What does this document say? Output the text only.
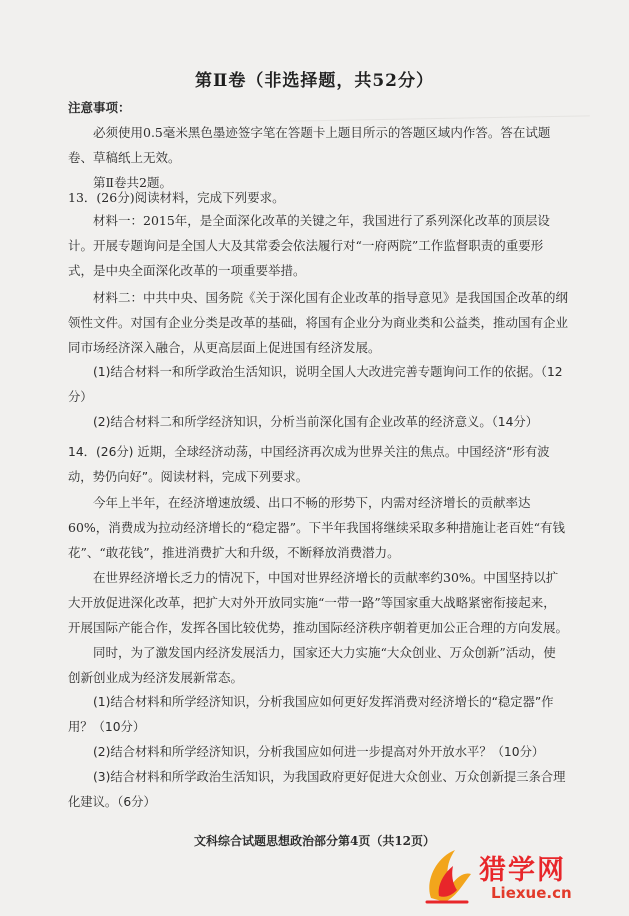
第Ⅱ卷（非选择题，共52分）
注意事项：
必须使用0.5毫米黑色墨迹签字笔在答题卡上题目所示的答题区域内作答。答在试题卷、草稿纸上无效。
第Ⅱ卷共2题。
13．(26分)阅读材料，完成下列要求。
材料一：2015年，是全面深化改革的关键之年，我国进行了系列深化改革的顶层设计。开展专题询问是全国人大及其常委会依法履行对“一府两院”工作监督职责的重要形式，是中央全面深化改革的一项重要举措。
材料二：中共中央、国务院《关于深化国有企业改革的指导意见》是我国国企改革的纲领性文件。对国有企业分类是改革的基础，将国有企业分为商业类和公益类，推动国有企业同市场经济深入融合，从更高层面上促进国有经济发展。
(1)结合材料一和所学政治生活知识，说明全国人大改进完善专题询问工作的依据。（12分）
(2)结合材料二和所学经济知识，分析当前深化国有企业改革的经济意义。（14分）
14．(26分) 近期，全球经济动荡，中国经济再次成为世界关注的焦点。中国经济“形有波动，势仍向好”。阅读材料，完成下列要求。
今年上半年，在经济增速放缓、出口不畅的形势下，内需对经济增长的贡献率达60%，消费成为拉动经济增长的“稳定器”。下半年我国将继续采取多种措施让老百姓“有钱花”、“敢花钱”，推进消费扩大和升级，不断释放消费潜力。
在世界经济增长乏力的情况下，中国对世界经济增长的贡献率约30%。中国坚持以扩大开放促进深化改革，把扩大对外开放同实施“一带一路”等国家重大战略紧密衔接起来，开展国际产能合作，发挥各国比较优势，推动国际经济秩序朝着更加公正合理的方向发展。
同时，为了激发国内经济发展活力，国家还大力实施“大众创业、万众创新”活动，使创新创业成为经济发展新常态。
(1)结合材料和所学经济知识，分析我国应如何更好发挥消费对经济增长的“稳定器”作用？（10分）
(2)结合材料和所学经济知识，分析我国应如何进一步提高对外开放水平？（10分）
(3)结合材料和所学政治生活知识，为我国政府更好促进大众创业、万众创新提三条合理化建议。（6分）
文科综合试题思想政治部分第4页（共12页）
猎学网
Liexue.cn
